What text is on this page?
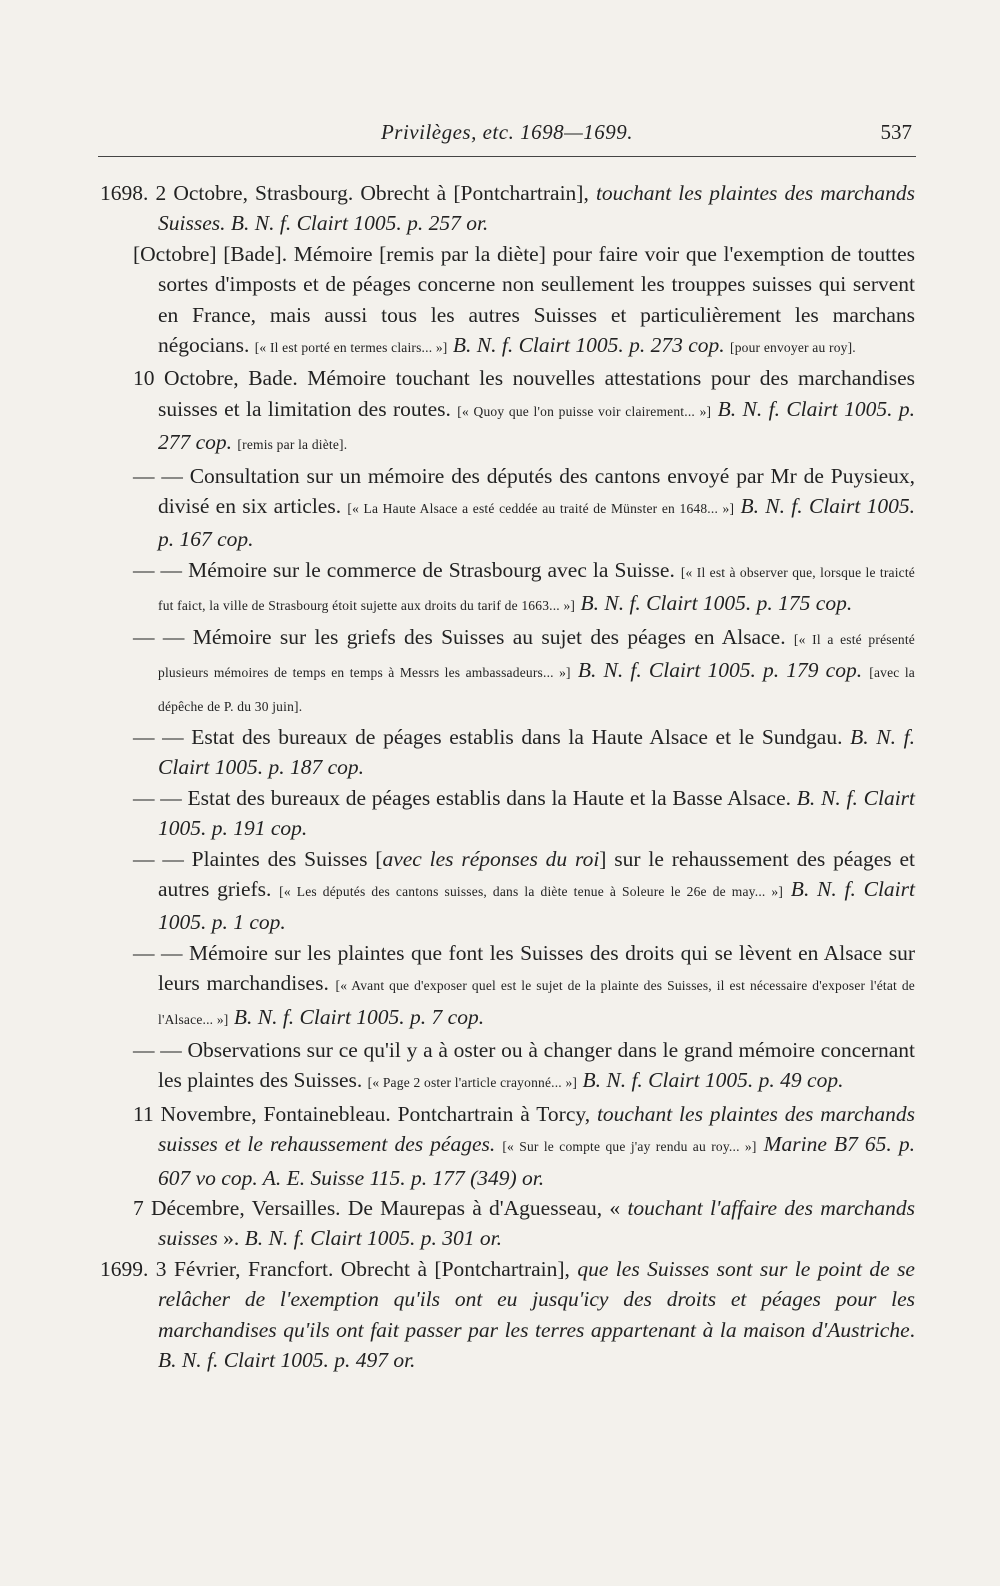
Privilèges, etc. 1698—1699.	537

1698. 2 Octobre, Strasbourg. Obrecht à [Pontchartrain], touchant les plaintes des marchands Suisses. B. N. f. Clairt 1005. p. 257 or.

[Octobre] [Bade]. Mémoire [remis par la diète] pour faire voir que l'exemption de touttes sortes d'imposts et de péages concerne non seullement les trouppes suisses qui servent en France, mais aussi tous les autres Suisses et particulièrement les marchans négocians. [« Il est porté en termes clairs... »] B. N. f. Clairt 1005. p. 273 cop. [pour envoyer au roy].

10 Octobre, Bade. Mémoire touchant les nouvelles attestations pour des marchandises suisses et la limitation des routes. [« Quoy que l'on puisse voir clairement... »] B. N. f. Clairt 1005. p. 277 cop. [remis par la diète].

— — Consultation sur un mémoire des députés des cantons envoyé par Mr de Puysieux, divisé en six articles. [« La Haute Alsace a esté ceddée au traité de Münster en 1648... »] B. N. f. Clairt 1005. p. 167 cop.

— — Mémoire sur le commerce de Strasbourg avec la Suisse. [« Il est à observer que, lorsque le traicté fut faict, la ville de Strasbourg étoit sujette aux droits du tarif de 1663... »] B. N. f. Clairt 1005. p. 175 cop.

— — Mémoire sur les griefs des Suisses au sujet des péages en Alsace. [« Il a esté présenté plusieurs mémoires de temps en temps à Messrs les ambassadeurs... »] B. N. f. Clairt 1005. p. 179 cop. [avec la dépêche de P. du 30 juin].

— — Estat des bureaux de péages establis dans la Haute Alsace et le Sundgau. B. N. f. Clairt 1005. p. 187 cop.

— — Estat des bureaux de péages establis dans la Haute et la Basse Alsace. B. N. f. Clairt 1005. p. 191 cop.

— — Plaintes des Suisses [avec les réponses du roi] sur le rehaussement des péages et autres griefs. [« Les députés des cantons suisses, dans la diète tenue à Soleure le 26e de may... »] B. N. f. Clairt 1005. p. 1 cop.

— — Mémoire sur les plaintes que font les Suisses des droits qui se lèvent en Alsace sur leurs marchandises. [« Avant que d'exposer quel est le sujet de la plainte des Suisses, il est nécessaire d'exposer l'état de l'Alsace... »] B. N. f. Clairt 1005. p. 7 cop.

— — Observations sur ce qu'il y a à oster ou à changer dans le grand mémoire concernant les plaintes des Suisses. [« Page 2 oster l'article crayonné... »] B. N. f. Clairt 1005. p. 49 cop.

11 Novembre, Fontainebleau. Pontchartrain à Torcy, touchant les plaintes des marchands suisses et le rehaussement des péages. [« Sur le compte que j'ay rendu au roy... »] Marine B7 65. p. 607 vo cop. A. E. Suisse 115. p. 177 (349) or.

7 Décembre, Versailles. De Maurepas à d'Aguesseau, « touchant l'affaire des marchands suisses ». B. N. f. Clairt 1005. p. 301 or.

1699. 3 Février, Francfort. Obrecht à [Pontchartrain], que les Suisses sont sur le point de se relâcher de l'exemption qu'ils ont eu jusqu'icy des droits et péages pour les marchandises qu'ils ont fait passer par les terres appartenant à la maison d'Austriche. B. N. f. Clairt 1005. p. 497 or.
